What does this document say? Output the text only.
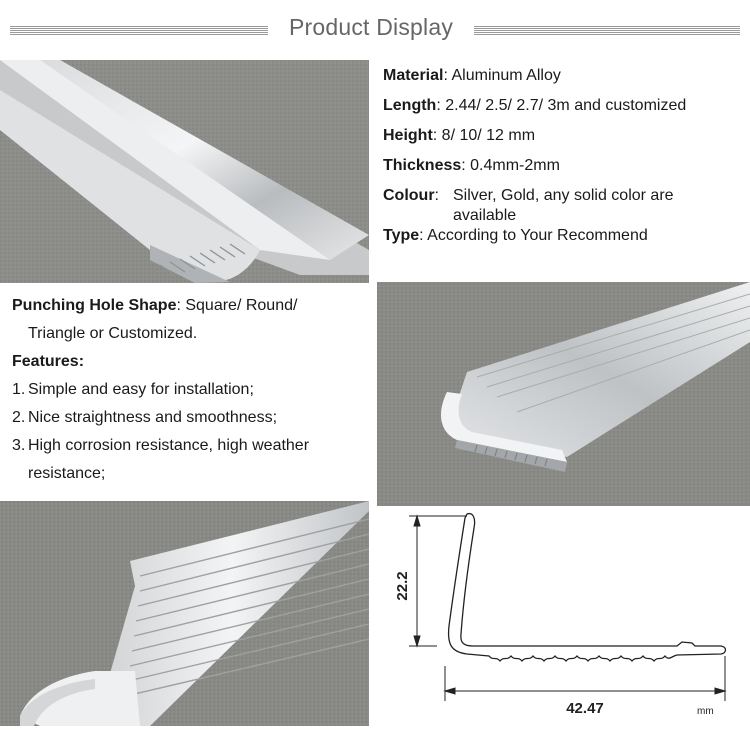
Product Display
Material: Aluminum Alloy
Length: 2.44/ 2.5/ 2.7/ 3m and customized
Height: 8/ 10/ 12 mm
Thickness: 0.4mm-2mm
Colour: Silver, Gold, any solid color are
available
Type: According to Your Recommend
Punching Hole Shape: Square/ Round/
Triangle or Customized.
Features:
1. Simple and easy for installation;
2. Nice straightness and smoothness;
3. High corrosion resistance, high weather
resistance;
22.2
42.47	mm
